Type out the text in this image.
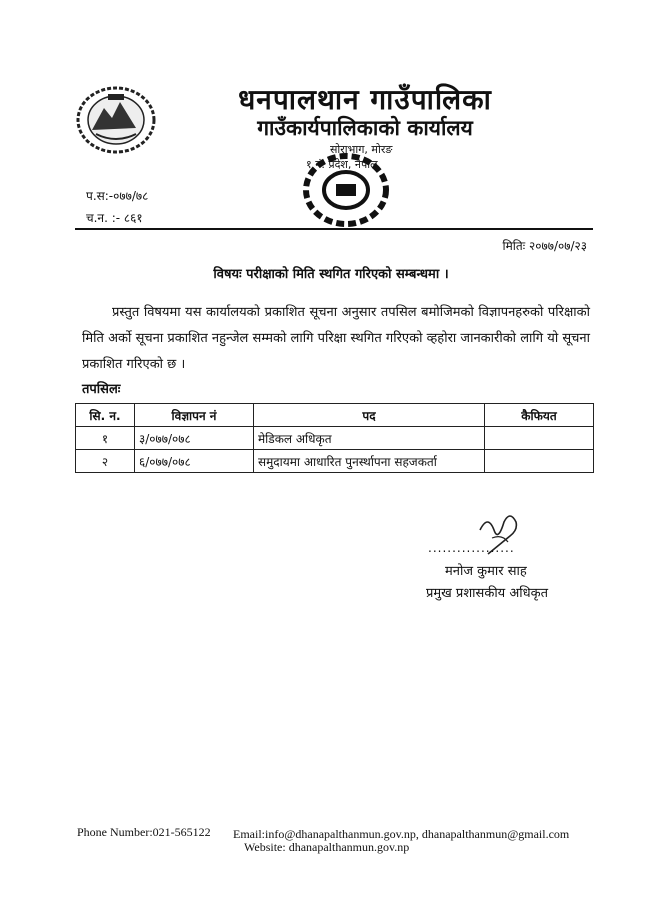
धनपालथान गाउँपालिका
गाउँकार्यपालिकाको कार्यालय
सोराभाग, मोरङ
१ नं. प्रदेश, नेपाल
प.स:-०७७/७८
च.न. :- ८६१
मितिः २०७७/०७/२३
विषयः परीक्षाको मिति स्थगित गरिएको सम्बन्धमा ।
प्रस्तुत विषयमा यस कार्यालयको प्रकाशित सूचना अनुसार तपसिल बमोजिमको विज्ञापनहरुको परिक्षाको मिति अर्को सूचना प्रकाशित नहुन्जेल सम्मको लागि परिक्षा स्थगित गरिएको व्हहोरा जानकारीको लागि यो सूचना प्रकाशित गरिएको छ ।
तपसिलः
सि. न.	विज्ञापन नं	पद	कैफियत
१	३/०७७/०७८	मेडिकल अधिकृत	
२	६/०७७/०७८	समुदायमा आधारित पुनर्स्थापना सहजकर्ता	
..................
मनोज कुमार साह
प्रमुख प्रशासकीय अधिकृत
Phone Number:021-565122 Email:info@dhanapalthanmun.gov.np, dhanapalthanmun@gmail.com
Website: dhanapalthanmun.gov.np
